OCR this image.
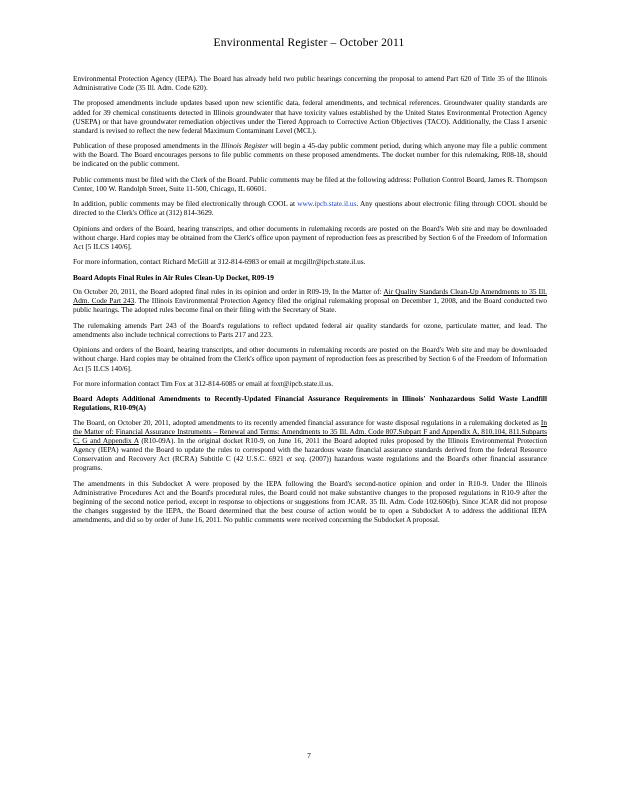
Environmental Register – October 2011

Environmental Protection Agency (IEPA). The Board has already held two public hearings concerning the proposal to amend Part 620 of Title 35 of the Illinois Administrative Code (35 Ill. Adm. Code 620).

The proposed amendments include updates based upon new scientific data, federal amendments, and technical references. Groundwater quality standards are added for 39 chemical constituents detected in Illinois groundwater that have toxicity values established by the United States Environmental Protection Agency (USEPA) or that have groundwater remediation objectives under the Tiered Approach to Corrective Action Objectives (TACO). Additionally, the Class I arsenic standard is revised to reflect the new federal Maximum Contaminant Level (MCL).

Publication of these proposed amendments in the Illinois Register will begin a 45-day public comment period, during which anyone may file a public comment with the Board. The Board encourages persons to file public comments on these proposed amendments. The docket number for this rulemaking, R08-18, should be indicated on the public comment.

Public comments must be filed with the Clerk of the Board. Public comments may be filed at the following address: Pollution Control Board, James R. Thompson Center, 100 W. Randolph Street, Suite 11-500, Chicago, IL 60601.

In addition, public comments may be filed electronically through COOL at www.ipcb.state.il.us. Any questions about electronic filing through COOL should be directed to the Clerk's Office at (312) 814-3629.

Opinions and orders of the Board, hearing transcripts, and other documents in rulemaking records are posted on the Board's Web site and may be downloaded without charge. Hard copies may be obtained from the Clerk's office upon payment of reproduction fees as prescribed by Section 6 of the Freedom of Information Act [5 ILCS 140/6].

For more information, contact Richard McGill at 312-814-6983 or email at mcgillr@ipcb.state.il.us.

Board Adopts Final Rules in Air Rules Clean-Up Docket, R09-19

On October 20, 2011, the Board adopted final rules in its opinion and order in R09-19, In the Matter of: Air Quality Standards Clean-Up Amendments to 35 Ill. Adm. Code Part 243. The Illinois Environmental Protection Agency filed the original rulemaking proposal on December 1, 2008, and the Board conducted two public hearings. The adopted rules become final on their filing with the Secretary of State.

The rulemaking amends Part 243 of the Board's regulations to reflect updated federal air quality standards for ozone, particulate matter, and lead. The amendments also include technical corrections to Parts 217 and 223.

Opinions and orders of the Board, hearing transcripts, and other documents in rulemaking records are posted on the Board's Web site and may be downloaded without charge. Hard copies may be obtained from the Clerk's office upon payment of reproduction fees as prescribed by Section 6 of the Freedom of Information Act [5 ILCS 140/6].

For more information contact Tim Fox at 312-814-6085 or email at foxt@ipcb.state.il.us.

Board Adopts Additional Amendments to Recently-Updated Financial Assurance Requirements in Illinois' Nonhazardous Solid Waste Landfill Regulations, R10-09(A)

The Board, on October 20, 2011, adopted amendments to its recently amended financial assurance for waste disposal regulations in a rulemaking docketed as In the Matter of: Financial Assurance Instruments – Renewal and Terms: Amendments to 35 Ill. Adm. Code 807.Subpart F and Appendix A, 810.104, 811.Subparts C, G and Appendix A (R10-09A). In the original docket R10-9, on June 16, 2011 the Board adopted rules proposed by the Illinois Environmental Protection Agency (IEPA) wanted the Board to update the rules to correspond with the hazardous waste financial assurance standards derived from the federal Resource Conservation and Recovery Act (RCRA) Subtitle C (42 U.S.C. 6921 et seq. (2007)) hazardous waste regulations and the Board's other financial assurance programs.

The amendments in this Subdocket A were proposed by the IEPA following the Board's second-notice opinion and order in R10-9. Under the Illinois Administrative Procedures Act and the Board's procedural rules, the Board could not make substantive changes to the proposed regulations in R10-9 after the beginning of the second notice period, except in response to objections or suggestions from JCAR. 35 Ill. Adm. Code 102.606(b). Since JCAR did not propose the changes suggested by the IEPA, the Board determined that the best course of action would be to open a Subdocket A to address the additional IEPA amendments, and did so by order of June 16, 2011. No public comments were received concerning the Subdocket A proposal.

7
